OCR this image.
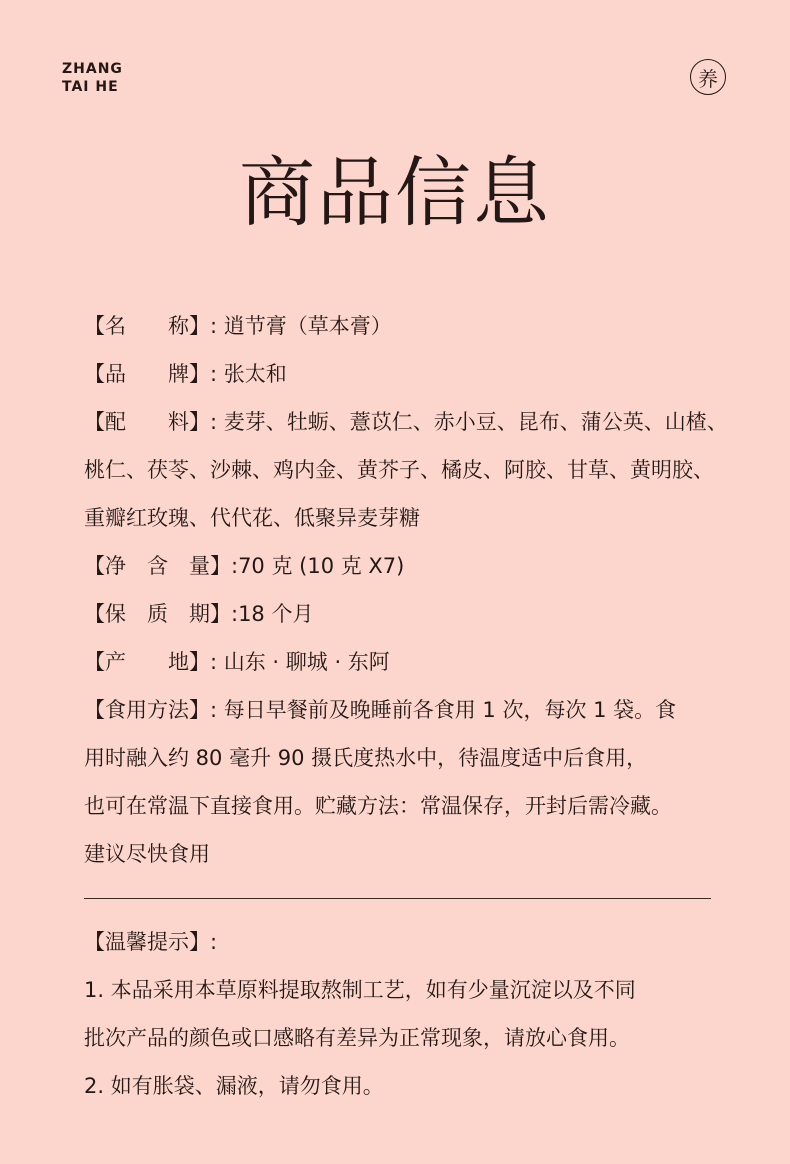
ZHANG
TAI HE	养
商品信息
【名　　称】: 逍节膏（草本膏）
【品　　牌】: 张太和
【配　　料】: 麦芽、牡蛎、薏苡仁、赤小豆、昆布、蒲公英、山楂、
桃仁、茯苓、沙棘、鸡内金、黄芥子、橘皮、阿胶、甘草、黄明胶、
重瓣红玫瑰、代代花、低聚异麦芽糖
【净　含　量】:70 克 (10 克 X7)
【保　质　期】:18 个月
【产　　地】: 山东 · 聊城 · 东阿
【食用方法】: 每日早餐前及晚睡前各食用 1 次，每次 1 袋。食
用时融入约 80 毫升 90 摄氏度热水中，待温度适中后食用，
也可在常温下直接食用。贮藏方法：常温保存，开封后需冷藏。
建议尽快食用
【温馨提示】:
1. 本品采用本草原料提取熬制工艺，如有少量沉淀以及不同
批次产品的颜色或口感略有差异为正常现象，请放心食用。
2. 如有胀袋、漏液，请勿食用。
